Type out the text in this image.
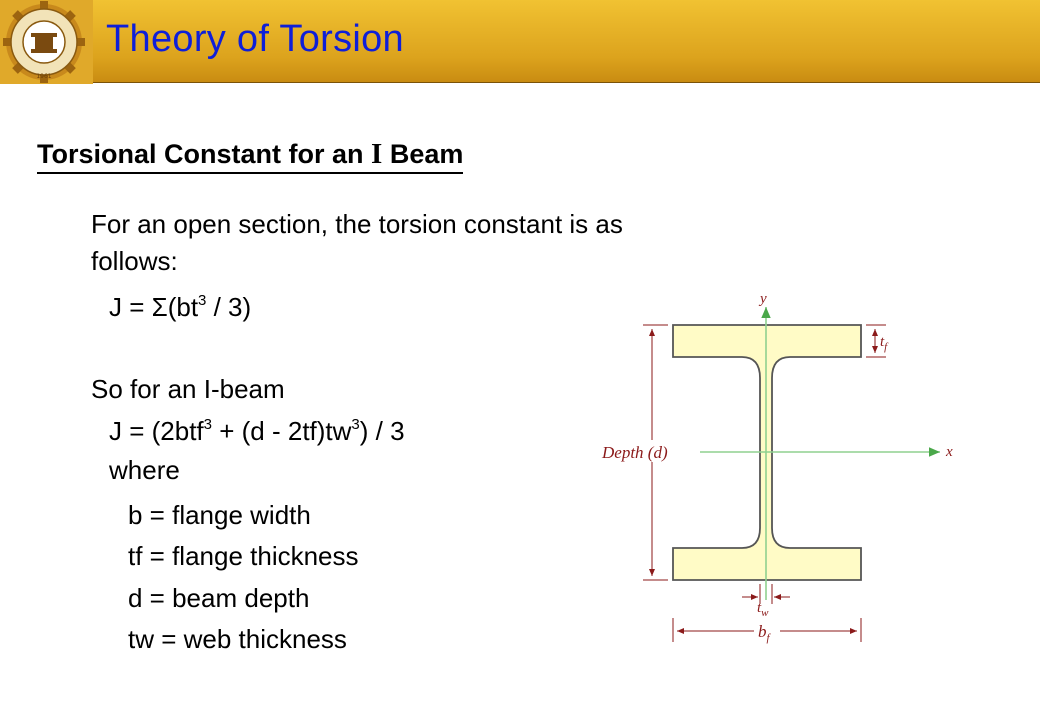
Theory of Torsion
1961
Torsional Constant for an I Beam
For an open section, the torsion constant is as
follows:
$J = \Sigma(bt^3 / 3)$
So for an I-beam
$J = (2btf^3 + (d - 2tf)tw^3) / 3$
where
b = flange width
tf = flange thickness
d = beam depth
tw = web thickness
y
x
Depth (d)
$t_f$
$t_w$
$b_f$
